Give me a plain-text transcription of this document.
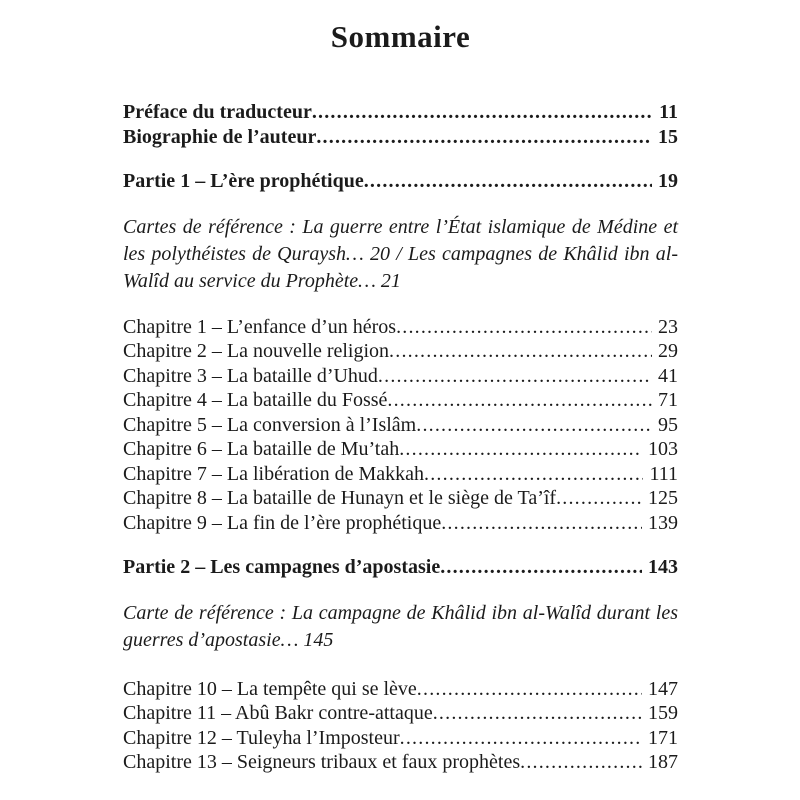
Sommaire
Préface du traducteur .....	11
Biographie de l’auteur .....	15
Partie 1 – L’ère prophétique .....	19

Cartes de référence : La guerre entre l’État islamique de Médine et les polythéistes de Quraysh… 20 / Les campagnes de Khâlid ibn al-Walîd au service du Prophète… 21

Chapitre 1 – L’enfance d’un héros .....	23
Chapitre 2 – La nouvelle religion .....	29
Chapitre 3 – La bataille d’Uhud .....	41
Chapitre 4 – La bataille du Fossé .....	71
Chapitre 5 – La conversion à l’Islâm .....	95
Chapitre 6 – La bataille de Mu’tah .....	103
Chapitre 7 – La libération de Makkah .....	111
Chapitre 8 – La bataille de Hunayn et le siège de Ta’îf .....	125
Chapitre 9 – La fin de l’ère prophétique .....	139
Partie 2 – Les campagnes d’apostasie .....	143

Carte de référence : La campagne de Khâlid ibn al-Walîd durant les guerres d’apostasie… 145

Chapitre 10 – La tempête qui se lève .....	147
Chapitre 11 – Abû Bakr contre-attaque .....	159
Chapitre 12 – Tuleyha l’Imposteur .....	171
Chapitre 13 – Seigneurs tribaux et faux prophètes .....	187
